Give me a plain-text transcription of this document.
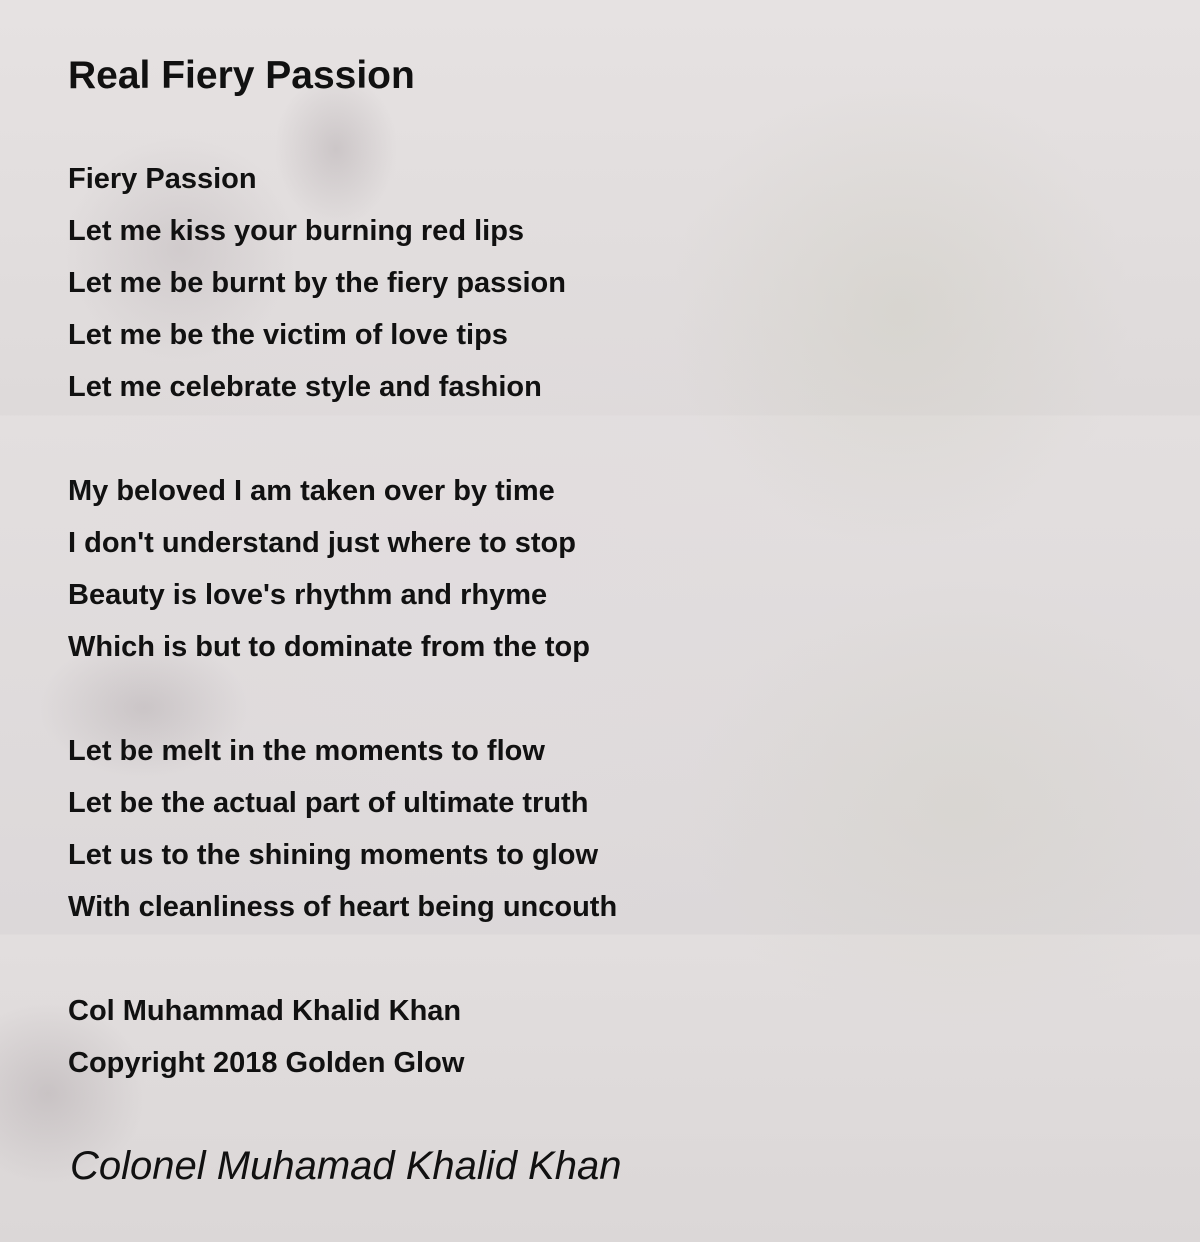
Real Fiery Passion
Fiery Passion
Let me kiss your burning red lips
Let me be burnt by the fiery passion
Let me be the victim of love tips
Let me celebrate style and fashion
My beloved I am taken over by time
I don't understand just where to stop
Beauty is love's rhythm and rhyme
Which is but to dominate from the top
Let be melt in the moments to flow
Let be the actual part of ultimate truth
Let us to the shining moments to glow
With cleanliness of heart being uncouth
Col Muhammad Khalid Khan
Copyright 2018 Golden Glow
Colonel Muhamad Khalid Khan
